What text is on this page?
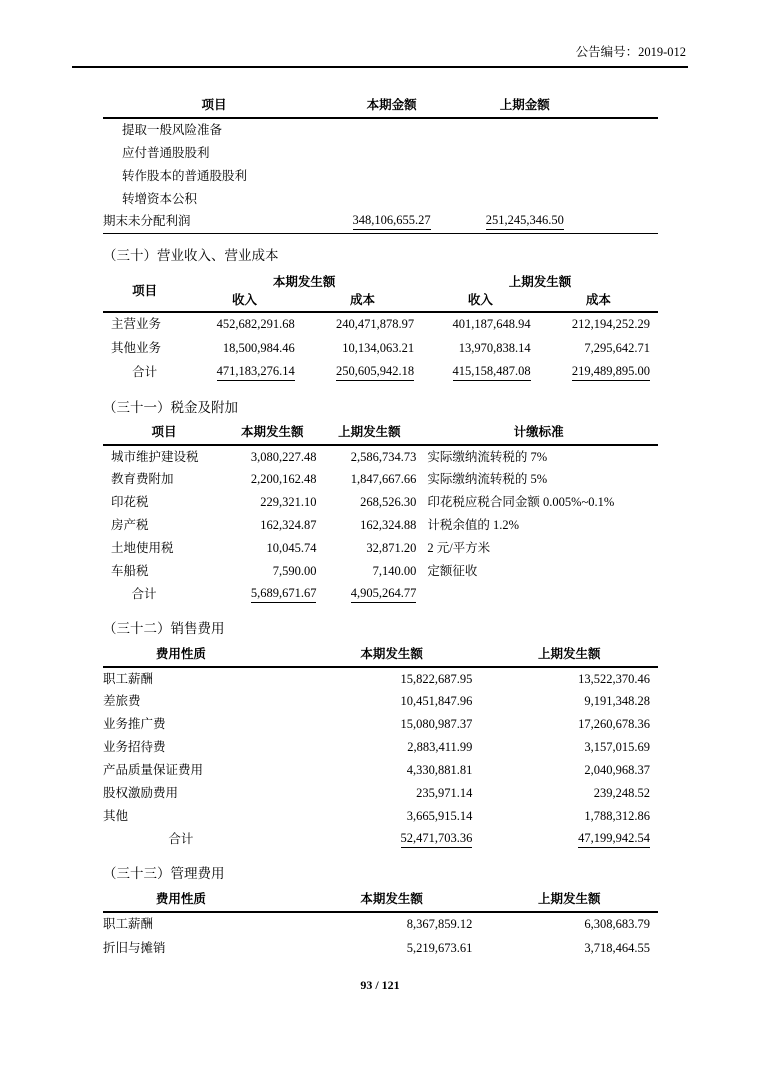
公告编号：2019-012
项目	本期金额	上期金额	
提取一般风险准备			
应付普通股股利			
转作股本的普通股股利			
转增资本公积			
期末未分配利润	348,106,655.27	251,245,346.50	
（三十）营业收入、营业成本
项目	本期发生额		上期发生额	
	收入	成本	收入	成本
主营业务	452,682,291.68	240,471,878.97	401,187,648.94	212,194,252.29
其他业务	18,500,984.46	10,134,063.21	13,970,838.14	7,295,642.71
合计	471,183,276.14	250,605,942.18	415,158,487.08	219,489,895.00
（三十一）税金及附加
项目	本期发生额	上期发生额	计缴标准
城市维护建设税	3,080,227.48	2,586,734.73	实际缴纳流转税的 7%
教育费附加	2,200,162.48	1,847,667.66	实际缴纳流转税的 5%
印花税	229,321.10	268,526.30	印花税应税合同金额 0.005%~0.1%
房产税	162,324.87	162,324.88	计税余值的 1.2%
土地使用税	10,045.74	32,871.20	2 元/平方米
车船税	7,590.00	7,140.00	定额征收
合计	5,689,671.67	4,905,264.77	
（三十二）销售费用
费用性质	本期发生额	上期发生额
职工薪酬	15,822,687.95	13,522,370.46
差旅费	10,451,847.96	9,191,348.28
业务推广费	15,080,987.37	17,260,678.36
业务招待费	2,883,411.99	3,157,015.69
产品质量保证费用	4,330,881.81	2,040,968.37
股权激励费用	235,971.14	239,248.52
其他	3,665,915.14	1,788,312.86
合计	52,471,703.36	47,199,942.54
（三十三）管理费用
费用性质	本期发生额	上期发生额
职工薪酬	8,367,859.12	6,308,683.79
折旧与摊销	5,219,673.61	3,718,464.55
93 / 121
